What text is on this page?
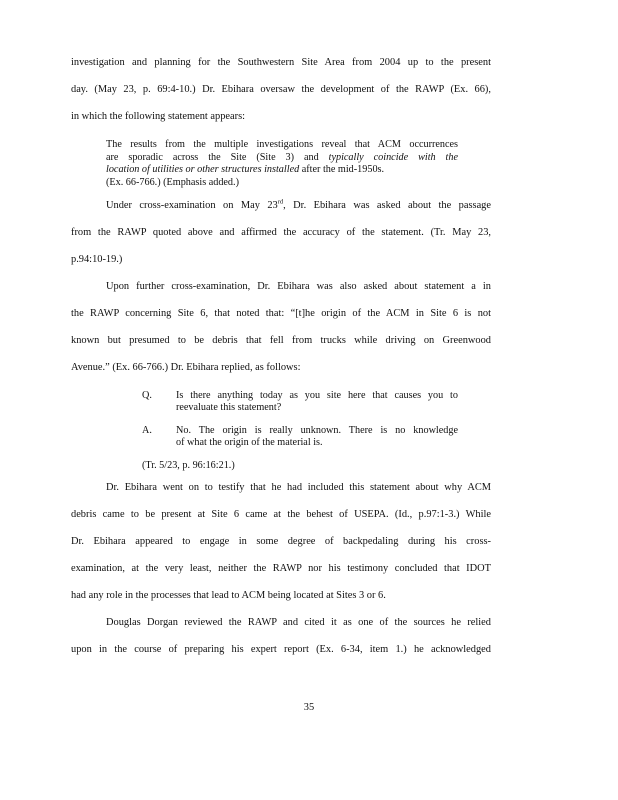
investigation and planning for the Southwestern Site Area from 2004 up to the present
day. (May 23, p. 69:4-10.) Dr. Ebihara oversaw the development of the RAWP (Ex. 66),
in which the following statement appears:
The results from the multiple investigations reveal that ACM occurrences
are sporadic across the Site (Site 3) and typically coincide with the
location of utilities or other structures installed after the mid-1950s.
(Ex. 66-766.) (Emphasis added.)
Under cross-examination on May 23rd, Dr. Ebihara was asked about the passage
from the RAWP quoted above and affirmed the accuracy of the statement. (Tr. May 23,
p.94:10-19.)
Upon further cross-examination, Dr. Ebihara was also asked about statement a in
the RAWP concerning Site 6, that noted that: “[t]he origin of the ACM in Site 6 is not
known but presumed to be debris that fell from trucks while driving on Greenwood
Avenue.” (Ex. 66-766.) Dr. Ebihara replied, as follows:
Q. Is there anything today as you site here that causes you to
reevaluate this statement?
A. No. The origin is really unknown. There is no knowledge
of what the origin of the material is.
(Tr. 5/23, p. 96:16:21.)
Dr. Ebihara went on to testify that he had included this statement about why ACM
debris came to be present at Site 6 came at the behest of USEPA. (Id., p.97:1-3.) While
Dr. Ebihara appeared to engage in some degree of backpedaling during his cross-
examination, at the very least, neither the RAWP nor his testimony concluded that IDOT
had any role in the processes that lead to ACM being located at Sites 3 or 6.
Douglas Dorgan reviewed the RAWP and cited it as one of the sources he relied
upon in the course of preparing his expert report (Ex. 6-34, item 1.) he acknowledged
35
